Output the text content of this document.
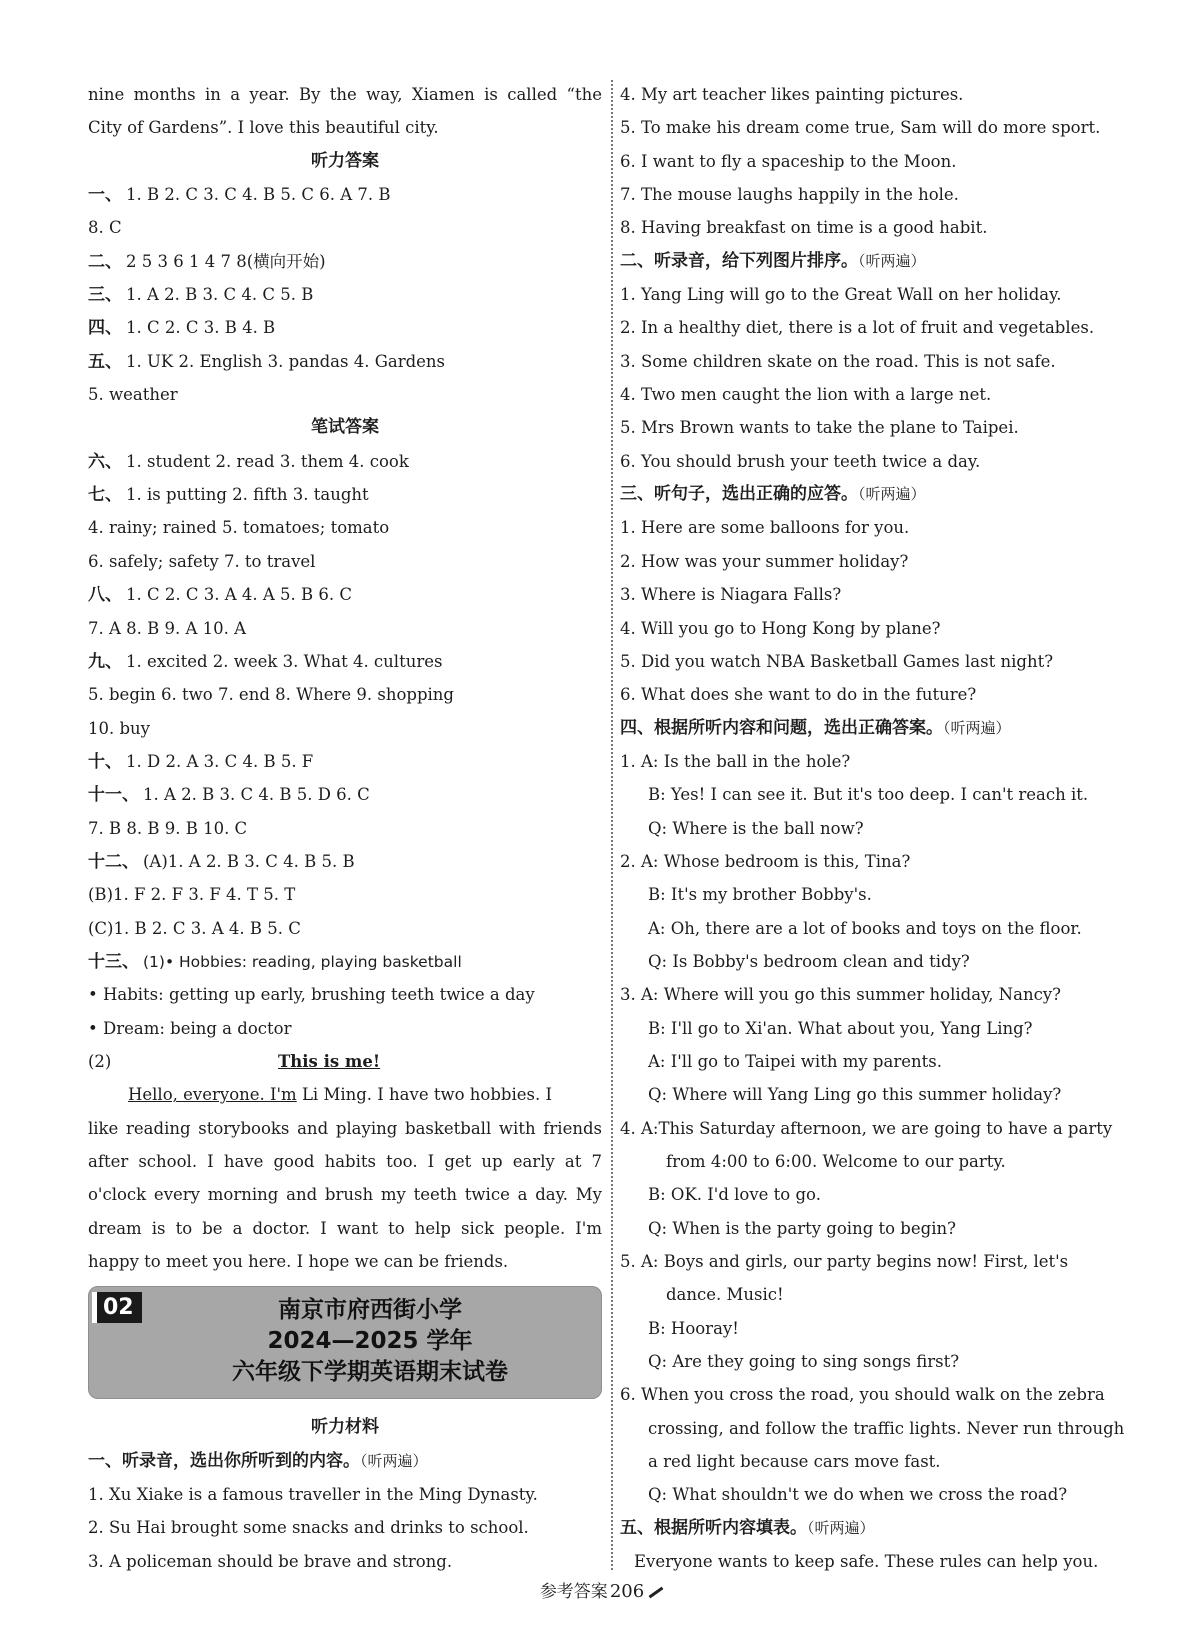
nine months in a year. By the way, Xiamen is called “the
City of Gardens”. I love this beautiful city.
听力答案
一、 1. B 2. C 3. C 4. B 5. C 6. A 7. B
8. C
二、 2 5 3 6 1 4 7 8(横向开始)
三、 1. A 2. B 3. C 4. C 5. B
四、 1. C 2. C 3. B 4. B
五、 1. UK 2. English 3. pandas 4. Gardens
5. weather
笔试答案
六、 1. student 2. read 3. them 4. cook
七、 1. is putting 2. fifth 3. taught
4. rainy; rained 5. tomatoes; tomato
6. safely; safety 7. to travel
八、 1. C 2. C 3. A 4. A 5. B 6. C
7. A 8. B 9. A 10. A
九、 1. excited 2. week 3. What 4. cultures
5. begin 6. two 7. end 8. Where 9. shopping
10. buy
十、 1. D 2. A 3. C 4. B 5. F
十一、 1. A 2. B 3. C 4. B 5. D 6. C
7. B 8. B 9. B 10. C
十二、 (A)1. A 2. B 3. C 4. B 5. B
(B)1. F 2. F 3. F 4. T 5. T
(C)1. B 2. C 3. A 4. B 5. C
十三、 (1)• Hobbies: reading, playing basketball
• Habits: getting up early, brushing teeth twice a day
• Dream: being a doctor
(2)	This is me!
Hello, everyone. I'm Li Ming. I have two hobbies. I
like reading storybooks and playing basketball with friends
after school. I have good habits too. I get up early at 7
o'clock every morning and brush my teeth twice a day. My
dream is to be a doctor. I want to help sick people. I'm
happy to meet you here. I hope we can be friends.
02	南京市府西街小学
2024—2025 学年
六年级下学期英语期末试卷
听力材料
一、听录音，选出你所听到的内容。（听两遍）
1. Xu Xiake is a famous traveller in the Ming Dynasty.
2. Su Hai brought some snacks and drinks to school.
3. A policeman should be brave and strong.
4. My art teacher likes painting pictures.
5. To make his dream come true, Sam will do more sport.
6. I want to fly a spaceship to the Moon.
7. The mouse laughs happily in the hole.
8. Having breakfast on time is a good habit.
二、听录音，给下列图片排序。（听两遍）
1. Yang Ling will go to the Great Wall on her holiday.
2. In a healthy diet, there is a lot of fruit and vegetables.
3. Some children skate on the road. This is not safe.
4. Two men caught the lion with a large net.
5. Mrs Brown wants to take the plane to Taipei.
6. You should brush your teeth twice a day.
三、听句子，选出正确的应答。（听两遍）
1. Here are some balloons for you.
2. How was your summer holiday?
3. Where is Niagara Falls?
4. Will you go to Hong Kong by plane?
5. Did you watch NBA Basketball Games last night?
6. What does she want to do in the future?
四、根据所听内容和问题，选出正确答案。（听两遍）
1. A: Is the ball in the hole?
B: Yes! I can see it. But it's too deep. I can't reach it.
Q: Where is the ball now?
2. A: Whose bedroom is this, Tina?
B: It's my brother Bobby's.
A: Oh, there are a lot of books and toys on the floor.
Q: Is Bobby's bedroom clean and tidy?
3. A: Where will you go this summer holiday, Nancy?
B: I'll go to Xi'an. What about you, Yang Ling?
A: I'll go to Taipei with my parents.
Q: Where will Yang Ling go this summer holiday?
4. A:This Saturday afternoon, we are going to have a party
from 4:00 to 6:00. Welcome to our party.
B: OK. I'd love to go.
Q: When is the party going to begin?
5. A: Boys and girls, our party begins now! First, let's
dance. Music!
B: Hooray!
Q: Are they going to sing songs first?
6. When you cross the road, you should walk on the zebra
crossing, and follow the traffic lights. Never run through
a red light because cars move fast.
Q: What shouldn't we do when we cross the road?
五、根据所听内容填表。（听两遍）
Everyone wants to keep safe. These rules can help you.
参考答案 206
